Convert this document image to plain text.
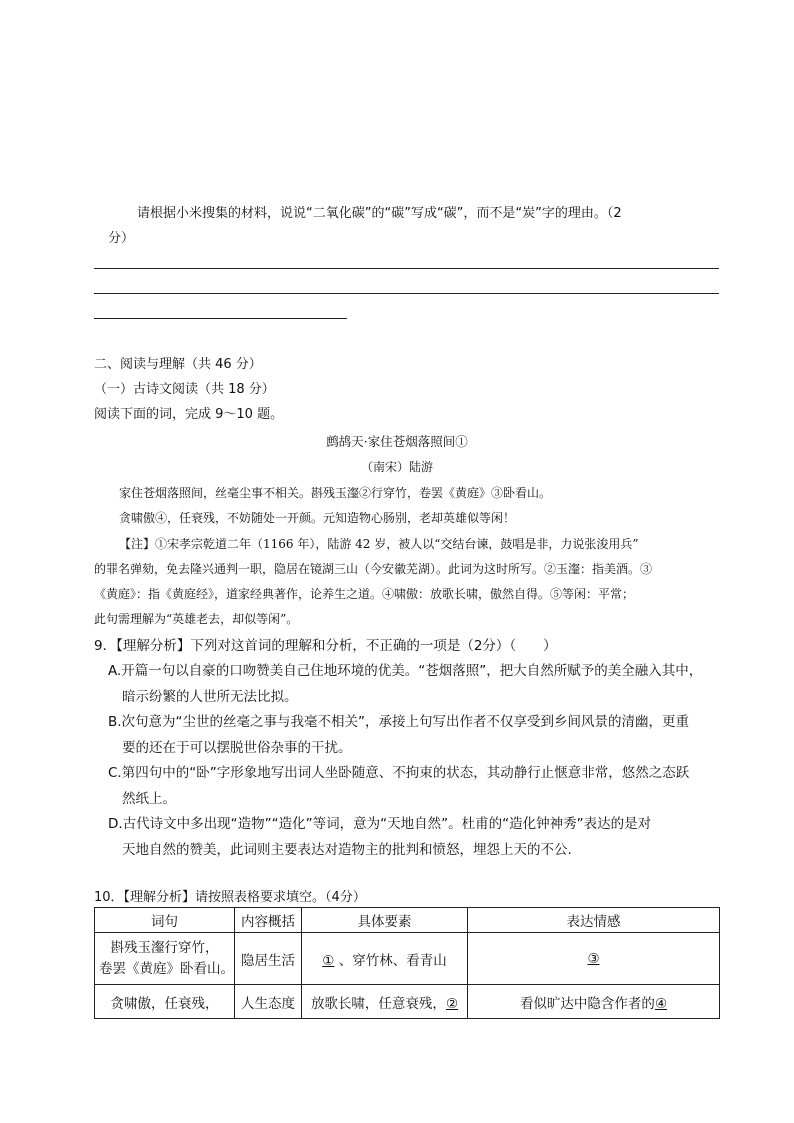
请根据小米搜集的材料，说说“二氧化碳”的“碳”写成“碳”，而不是“炭”字的理由。（2
分）
二、阅读与理解（共 46 分）
（一）古诗文阅读（共 18 分）
阅读下面的词，完成 9～10 题。
鹧鸪天·家住苍烟落照间①
（南宋）陆游
家住苍烟落照间，丝毫尘事不相关。斟残玉瀣②行穿竹，卷罢《黄庭》③卧看山。
贪啸傲④，任衰残，不妨随处一开颜。元知造物心肠别，老却英雄似等闲！
【注】①宋孝宗乾道二年（1166 年），陆游 42 岁，被人以“交结台谏，鼓唱是非，力说张浚用兵”
的罪名弹劾，免去隆兴通判一职，隐居在镜湖三山（今安徽芜湖）。此词为这时所写。②玉瀣：指美酒。③
《黄庭》：指《黄庭经》，道家经典著作，论养生之道。④啸傲：放歌长啸，傲然自得。⑤等闲：平常；
此句需理解为“英雄老去，却似等闲”。
9．【理解分析】下列对这首词的理解和分析，不正确的一项是（2分）（　　）
A.开篇一句以自豪的口吻赞美自己住地环境的优美。“苍烟落照”，把大自然所赋予的美全融入其中，
暗示纷繁的人世所无法比拟。
B.次句意为“尘世的丝毫之事与我毫不相关”，承接上句写出作者不仅享受到乡间风景的清幽，更重
要的还在于可以摆脱世俗杂事的干扰。
C.第四句中的“卧”字形象地写出词人坐卧随意、不拘束的状态，其动静行止惬意非常，悠然之态跃
然纸上。
D.古代诗文中多出现“造物”“造化”等词，意为“天地自然”。杜甫的“造化钟神秀”表达的是对
天地自然的赞美，此词则主要表达对造物主的批判和愤怒，埋怨上天的不公.
10．【理解分析】请按照表格要求填空。（4分）
词句	内容概括	具体要素	表达情感

斟残玉瀣行穿竹，
卷罢《黄庭》卧看山。	隐居生活	① 、穿竹林、看青山	③
贪啸傲，任衰残，	人生态度	放歌长啸，任意衰残，②	看似旷达中隐含作者的④
